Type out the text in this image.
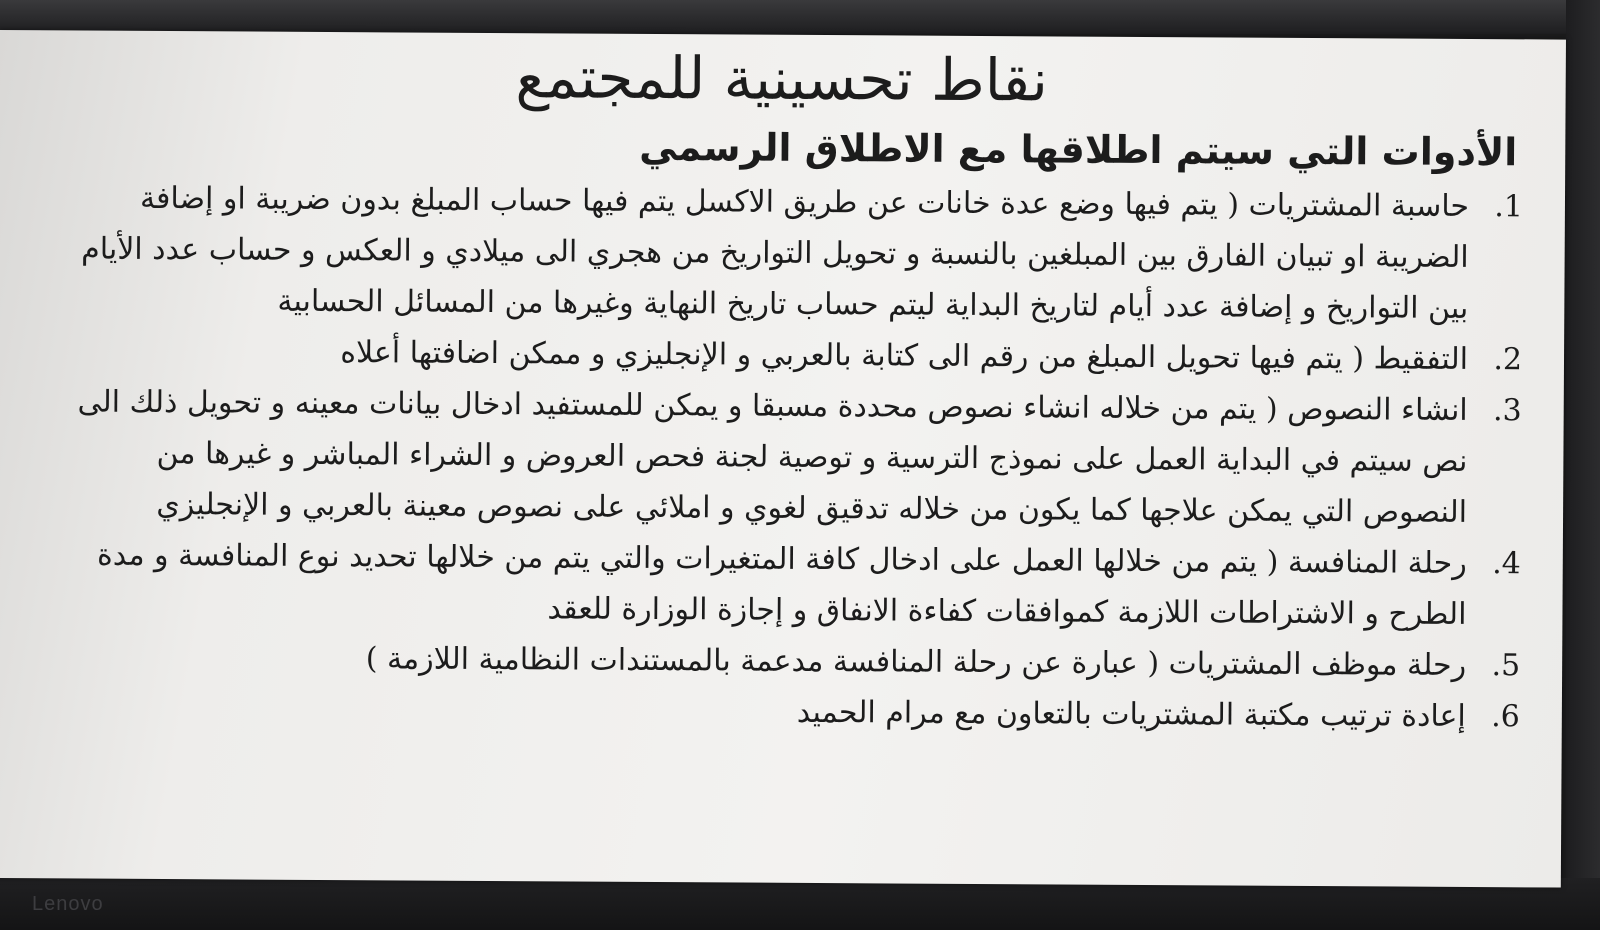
Lenovo
نقاط تحسينية للمجتمع
الأدوات التي سيتم اطلاقها مع الاطلاق الرسمي
1.
حاسبة المشتريات ( يتم فيها وضع عدة خانات عن طريق الاكسل يتم فيها حساب المبلغ بدون ضريبة او إضافة الضريبة او تبيان الفارق بين المبلغين بالنسبة و تحويل التواريخ من هجري الى ميلادي و العكس و حساب عدد الأيام بين التواريخ و إضافة عدد أيام لتاريخ البداية ليتم حساب تاريخ النهاية وغيرها من المسائل الحسابية
2.
التفقيط ( يتم فيها تحويل المبلغ من رقم الى كتابة بالعربي و الإنجليزي و ممكن اضافتها أعلاه
3.
انشاء النصوص ( يتم من خلاله انشاء نصوص محددة مسبقا و يمكن للمستفيد ادخال بيانات معينه و تحويل ذلك الى نص سيتم في البداية العمل على نموذج الترسية و توصية لجنة فحص العروض و الشراء المباشر و غيرها من النصوص التي يمكن علاجها كما يكون من خلاله تدقيق لغوي و املائي على نصوص معينة بالعربي و الإنجليزي
4.
رحلة المنافسة ( يتم من خلالها العمل على ادخال كافة المتغيرات والتي يتم من خلالها تحديد نوع المنافسة و مدة الطرح و الاشتراطات اللازمة كموافقات كفاءة الانفاق و إجازة الوزارة للعقد
5.
رحلة موظف المشتريات ( عبارة عن رحلة المنافسة مدعمة بالمستندات النظامية اللازمة )
6.
إعادة ترتيب مكتبة المشتريات بالتعاون مع مرام الحميد
